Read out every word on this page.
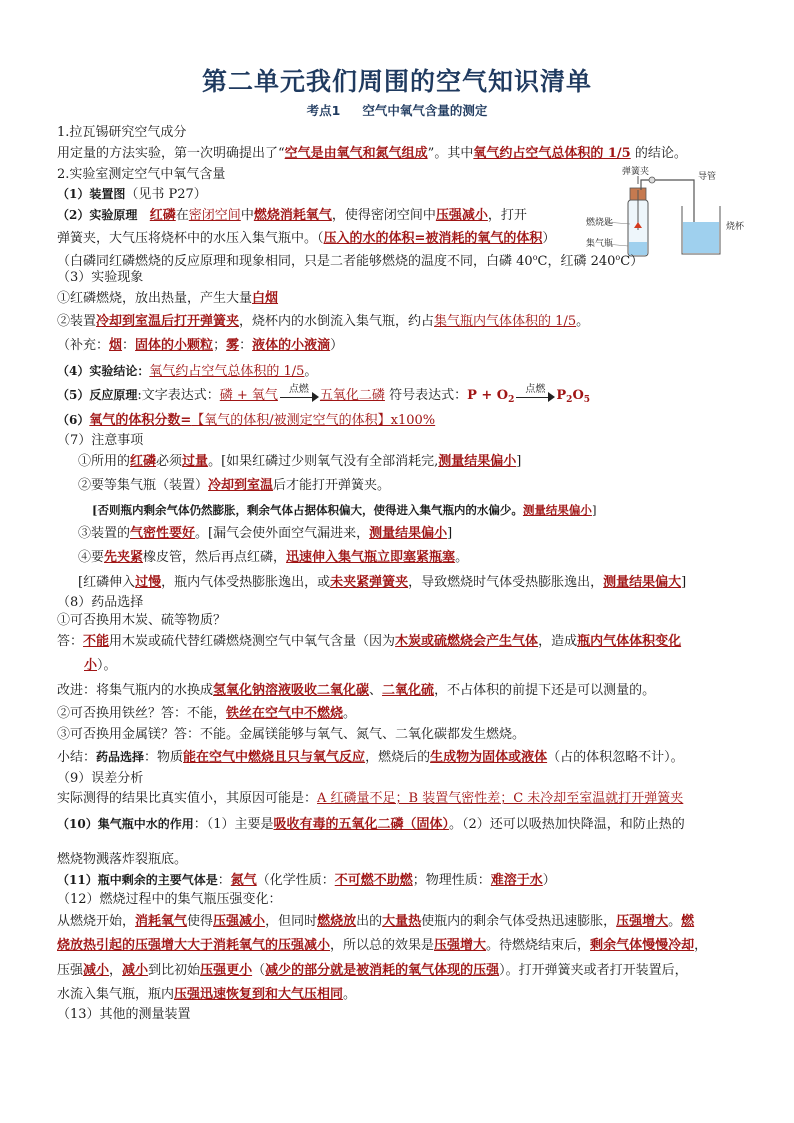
第二单元我们周围的空气知识清单
考点1 空气中氧气含量的测定
弹簧夹	导管
燃烧匙
集气瓶
烧杯
1.拉瓦锡研究空气成分
用定量的方法实验，第一次明确提出了“空气是由氧气和氮气组成”。其中氧气约占空气总体积的 1/5 的结论。
2.实验室测定空气中氧气含量
（1）装置图（见书 P27）
（2）实验原理 红磷在密闭空间中燃烧消耗氧气，使得密闭空间中压强减小，打开
弹簧夹，大气压将烧杯中的水压入集气瓶中。（压入的水的体积=被消耗的氧气的体积）
（白磷同红磷燃烧的反应原理和现象相同，只是二者能够燃烧的温度不同，白磷 40$^o$C，红磷 240$^o$C）
（3）实验现象
①红磷燃烧，放出热量，产生大量白烟
②装置冷却到室温后打开弹簧夹，烧杯内的水倒流入集气瓶，约占集气瓶内气体体积的 1/5。
（补充：烟：固体的小颗粒；雾：液体的小液滴）
（4）实验结论：氧气约占空气总体积的 1/5。
（5）反应原理:文字表达式：磷 + 氧气	点燃 五氧化二磷 符号表达式：$P + O_2$
点燃 $P_2O_5$
（6）氧气的体积分数=【氧气的体积/被测定空气的体积】x100%
（7）注意事项
①所用的红磷必须过量。[如果红磷过少则氧气没有全部消耗完,测量结果偏小]
②要等集气瓶（装置）冷却到室温后才能打开弹簧夹。
[否则瓶内剩余气体仍然膨胀，剩余气体占据体积偏大，使得进入集气瓶内的水偏少。测量结果偏小]
③装置的气密性要好。[漏气会使外面空气漏进来，测量结果偏小]
④要先夹紧橡皮管，然后再点红磷，迅速伸入集气瓶立即塞紧瓶塞。
[红磷伸入过慢，瓶内气体受热膨胀逸出，或未夹紧弹簧夹，导致燃烧时气体受热膨胀逸出，测量结果偏大]
（8）药品选择
①可否换用木炭、硫等物质？
答：不能用木炭或硫代替红磷燃烧测空气中氧气含量（因为木炭或硫燃烧会产生气体，造成瓶内气体体积变化
小）。
改进：将集气瓶内的水换成氢氧化钠溶液吸收二氧化碳、二氧化硫，不占体积的前提下还是可以测量的。
②可否换用铁丝？答：不能，铁丝在空气中不燃烧。
③可否换用金属镁？答：不能。金属镁能够与氧气、氮气、二氧化碳都发生燃烧。
小结：药品选择：物质能在空气中燃烧且只与氧气反应，燃烧后的生成物为固体或液体（占的体积忽略不计）。
（9）误差分析
实际测得的结果比真实值小，其原因可能是：A 红磷量不足；B 装置气密性差；C 未冷却至室温就打开弹簧夹
（10）集气瓶中水的作用：（1）主要是吸收有毒的五氧化二磷（固体）。（2）还可以吸热加快降温，和防止热的
燃烧物溅落炸裂瓶底。
（11）瓶中剩余的主要气体是：氮气（化学性质：不可燃不助燃；物理性质：难溶于水）
（12）燃烧过程中的集气瓶压强变化：
从燃烧开始，消耗氧气使得压强减小，但同时燃烧放出的大量热使瓶内的剩余气体受热迅速膨胀，压强增大。燃
烧放热引起的压强增大大于消耗氧气的压强减小，所以总的效果是压强增大。待燃烧结束后，剩余气体慢慢冷却，
压强减小，减小到比初始压强更小（减少的部分就是被消耗的氧气体现的压强）。打开弹簧夹或者打开装置后，
水流入集气瓶，瓶内压强迅速恢复到和大气压相同。
（13）其他的测量装置
